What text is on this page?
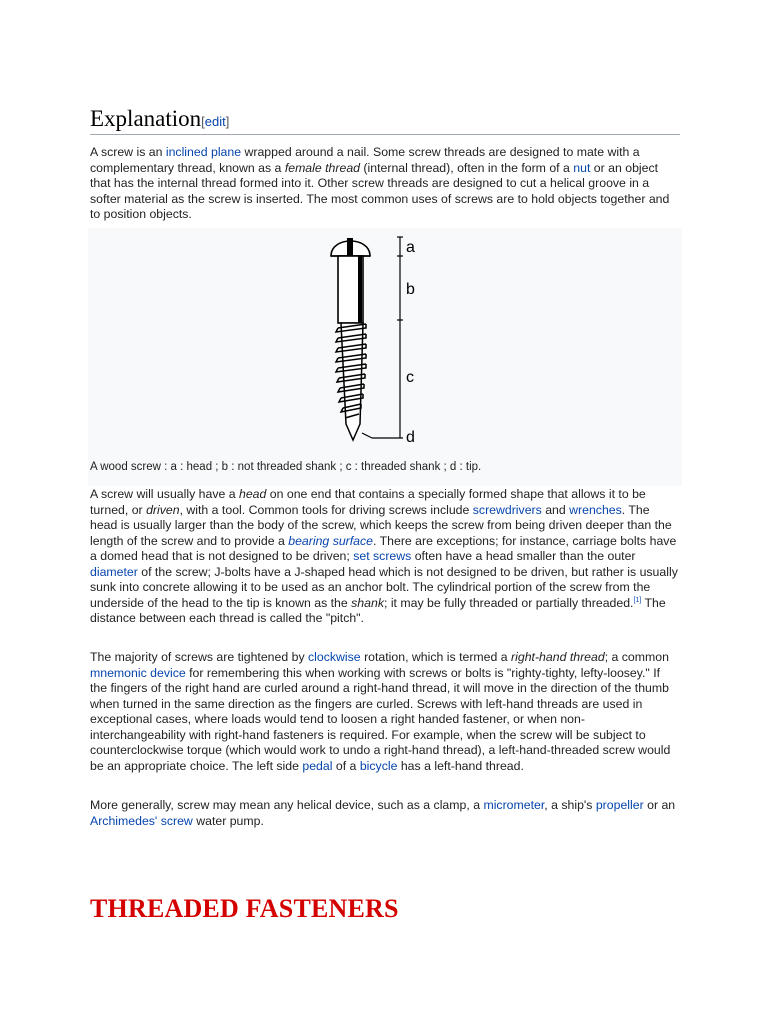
Explanation[edit]

A screw is an inclined plane wrapped around a nail. Some screw threads are designed to mate with a complementary thread, known as a female thread (internal thread), often in the form of a nut or an object that has the internal thread formed into it. Other screw threads are designed to cut a helical groove in a softer material as the screw is inserted. The most common uses of screws are to hold objects together and to position objects.

a
b
c
d
A wood screw : a : head ; b : not threaded shank ; c : threaded shank ; d : tip.

A screw will usually have a head on one end that contains a specially formed shape that allows it to be turned, or driven, with a tool. Common tools for driving screws include screwdrivers and wrenches. The head is usually larger than the body of the screw, which keeps the screw from being driven deeper than the length of the screw and to provide a bearing surface. There are exceptions; for instance, carriage bolts have a domed head that is not designed to be driven; set screws often have a head smaller than the outer diameter of the screw; J-bolts have a J-shaped head which is not designed to be driven, but rather is usually sunk into concrete allowing it to be used as an anchor bolt. The cylindrical portion of the screw from the underside of the head to the tip is known as the shank; it may be fully threaded or partially threaded.[1] The distance between each thread is called the "pitch".

The majority of screws are tightened by clockwise rotation, which is termed a right-hand thread; a common mnemonic device for remembering this when working with screws or bolts is "righty-tighty, lefty-loosey." If the fingers of the right hand are curled around a right-hand thread, it will move in the direction of the thumb when turned in the same direction as the fingers are curled. Screws with left-hand threads are used in exceptional cases, where loads would tend to loosen a right handed fastener, or when non-interchangeability with right-hand fasteners is required. For example, when the screw will be subject to counterclockwise torque (which would work to undo a right-hand thread), a left-hand-threaded screw would be an appropriate choice. The left side pedal of a bicycle has a left-hand thread.

More generally, screw may mean any helical device, such as a clamp, a micrometer, a ship's propeller or an Archimedes' screw water pump.

THREADED FASTENERS
